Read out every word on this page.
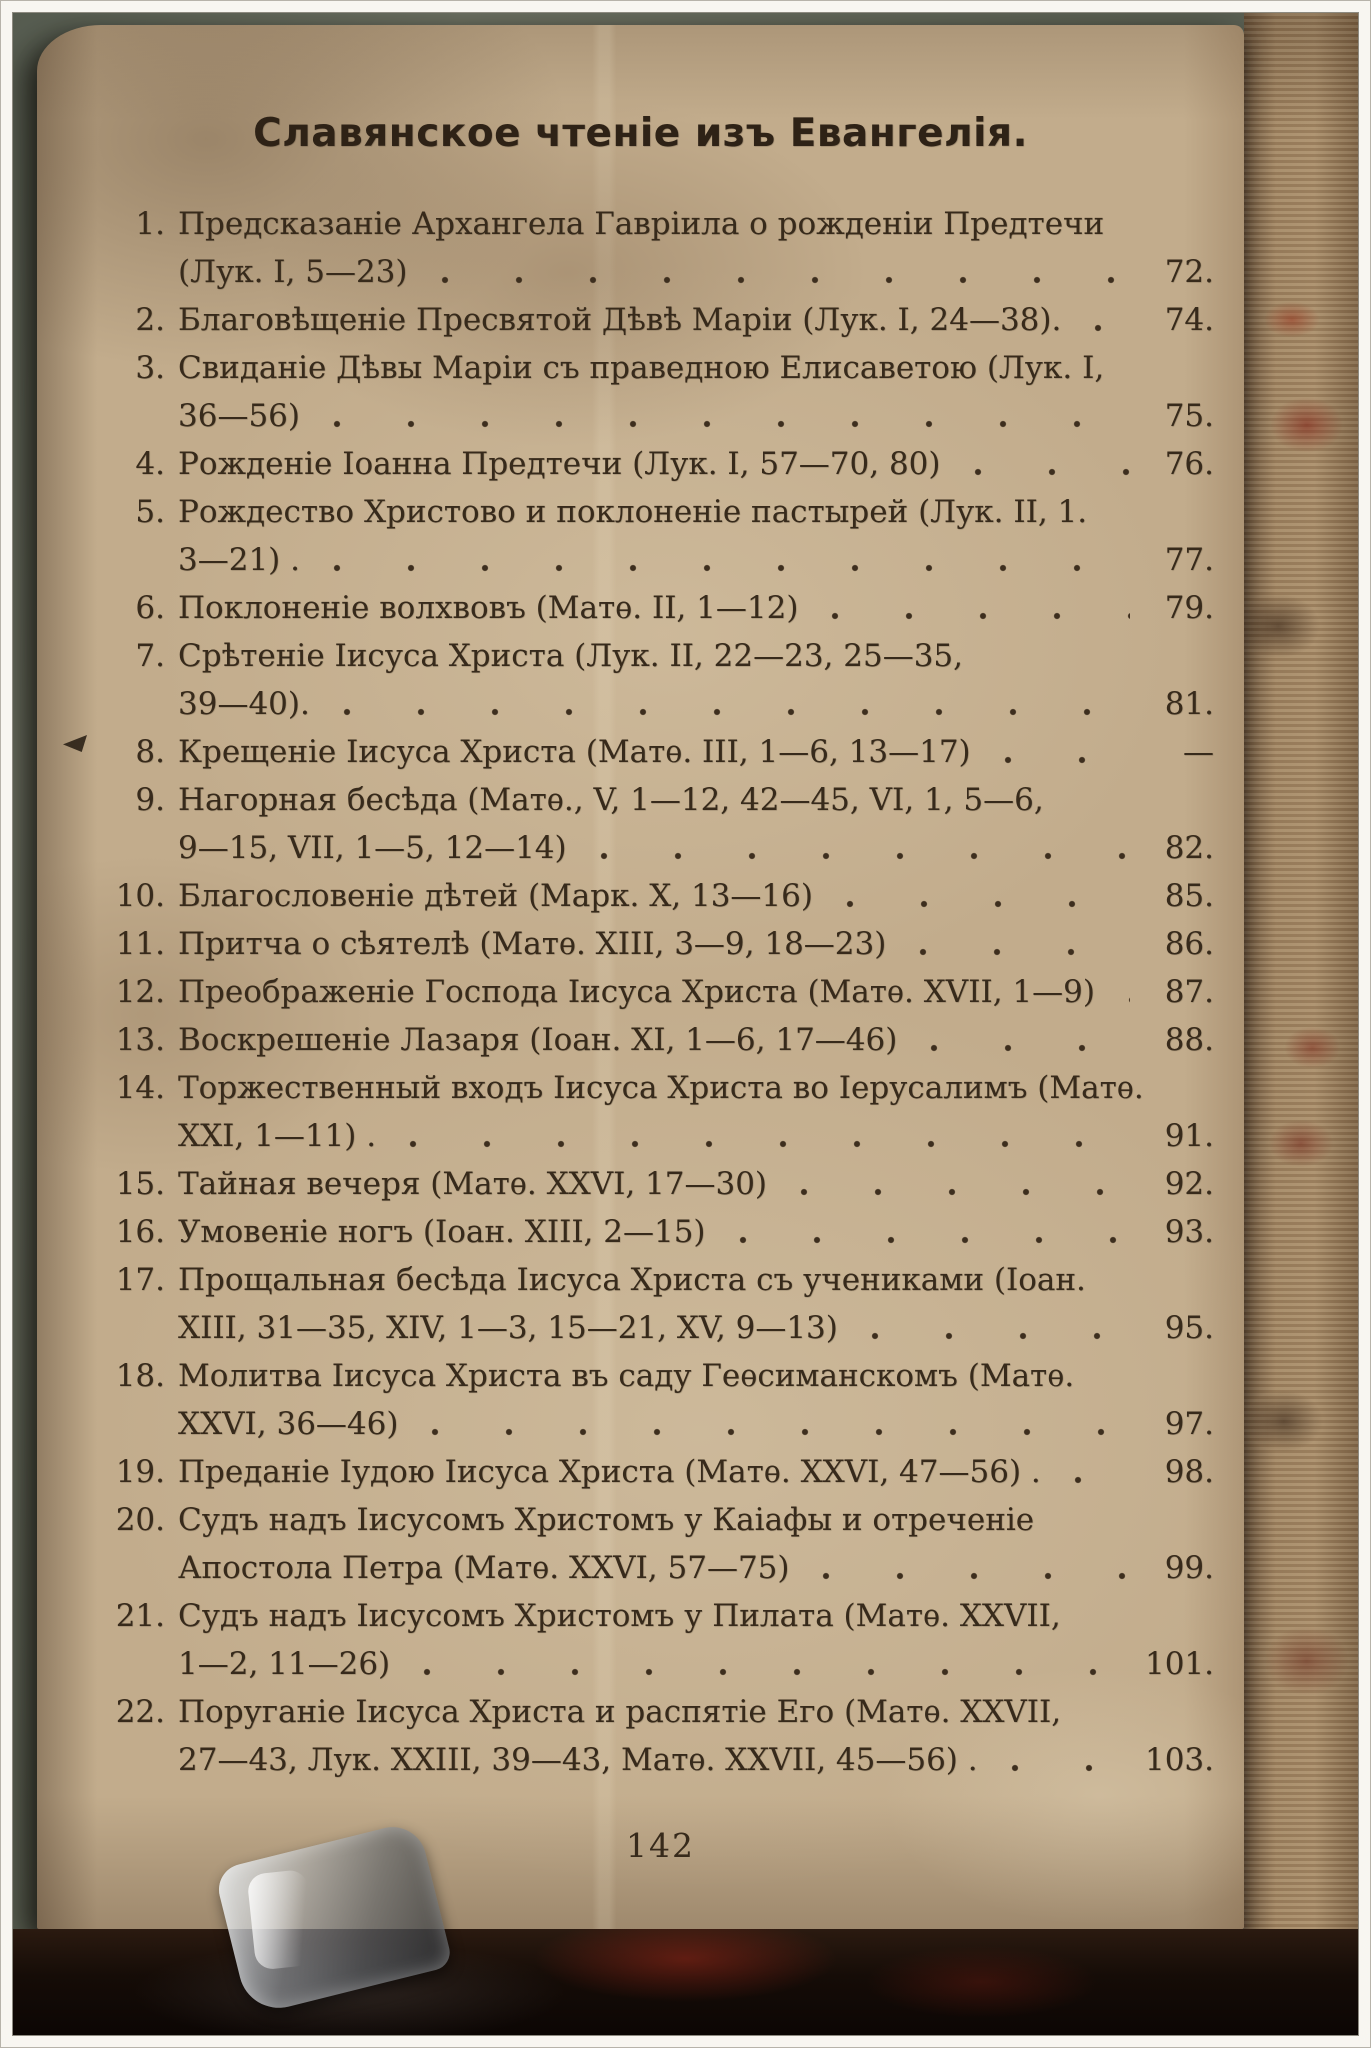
Славянское чтеніе изъ Евангелія.
1. Предсказаніе Архангела Гавріила о рожденіи Предтечи
(Лук. I, 5—23)	72.
2. Благовѣщеніе Пресвятой Дѣвѣ Маріи (Лук. I, 24—38).	74.
3. Свиданіе Дѣвы Маріи съ праведною Елисаветою (Лук. I,
36—56)	75.
4. Рожденіе Іоанна Предтечи (Лук. I, 57—70, 80)	76.
5. Рождество Христово и поклоненіе пастырей (Лук. II, 1.
3—21) .	77.
6. Поклоненіе волхвовъ (Матѳ. II, 1—12)	79.
7. Срѣтеніе Іисуса Христа (Лук. II, 22—23, 25—35,
39—40).	81.
8. Крещеніе Іисуса Христа (Матѳ. III, 1—6, 13—17)	—
9. Нагорная бесѣда (Матѳ., V, 1—12, 42—45, VI, 1, 5—6,
9—15, VII, 1—5, 12—14)	82.
10. Благословеніе дѣтей (Марк. X, 13—16)	85.
11. Притча о сѣятелѣ (Матѳ. XIII, 3—9, 18—23)	86.
12. Преображеніе Господа Іисуса Христа (Матѳ. XVII, 1—9)	87.
13. Воскрешеніе Лазаря (Іоан. XI, 1—6, 17—46)	88.
14. Торжественный входъ Іисуса Христа во Іерусалимъ (Матѳ.
XXI, 1—11) .	91.
15. Тайная вечеря (Матѳ. XXVI, 17—30)	92.
16. Умовеніе ногъ (Іоан. XIII, 2—15)	93.
17. Прощальная бесѣда Іисуса Христа съ учениками (Іоан.
XIII, 31—35, XIV, 1—3, 15—21, XV, 9—13)	95.
18. Молитва Іисуса Христа въ саду Геѳсиманскомъ (Матѳ.
XXVI, 36—46)	97.
19. Преданіе Іудою Іисуса Христа (Матѳ. XXVI, 47—56) .	98.
20. Судъ надъ Іисусомъ Христомъ у Каіафы и отреченіе
Апостола Петра (Матѳ. XXVI, 57—75)	99.
21. Судъ надъ Іисусомъ Христомъ у Пилата (Матѳ. XXVII,
1—2, 11—26)	101.
22. Поруганіе Іисуса Христа и распятіе Его (Матѳ. XXVII,
27—43, Лук. XXIII, 39—43, Матѳ. XXVII, 45—56) .	103.
142
